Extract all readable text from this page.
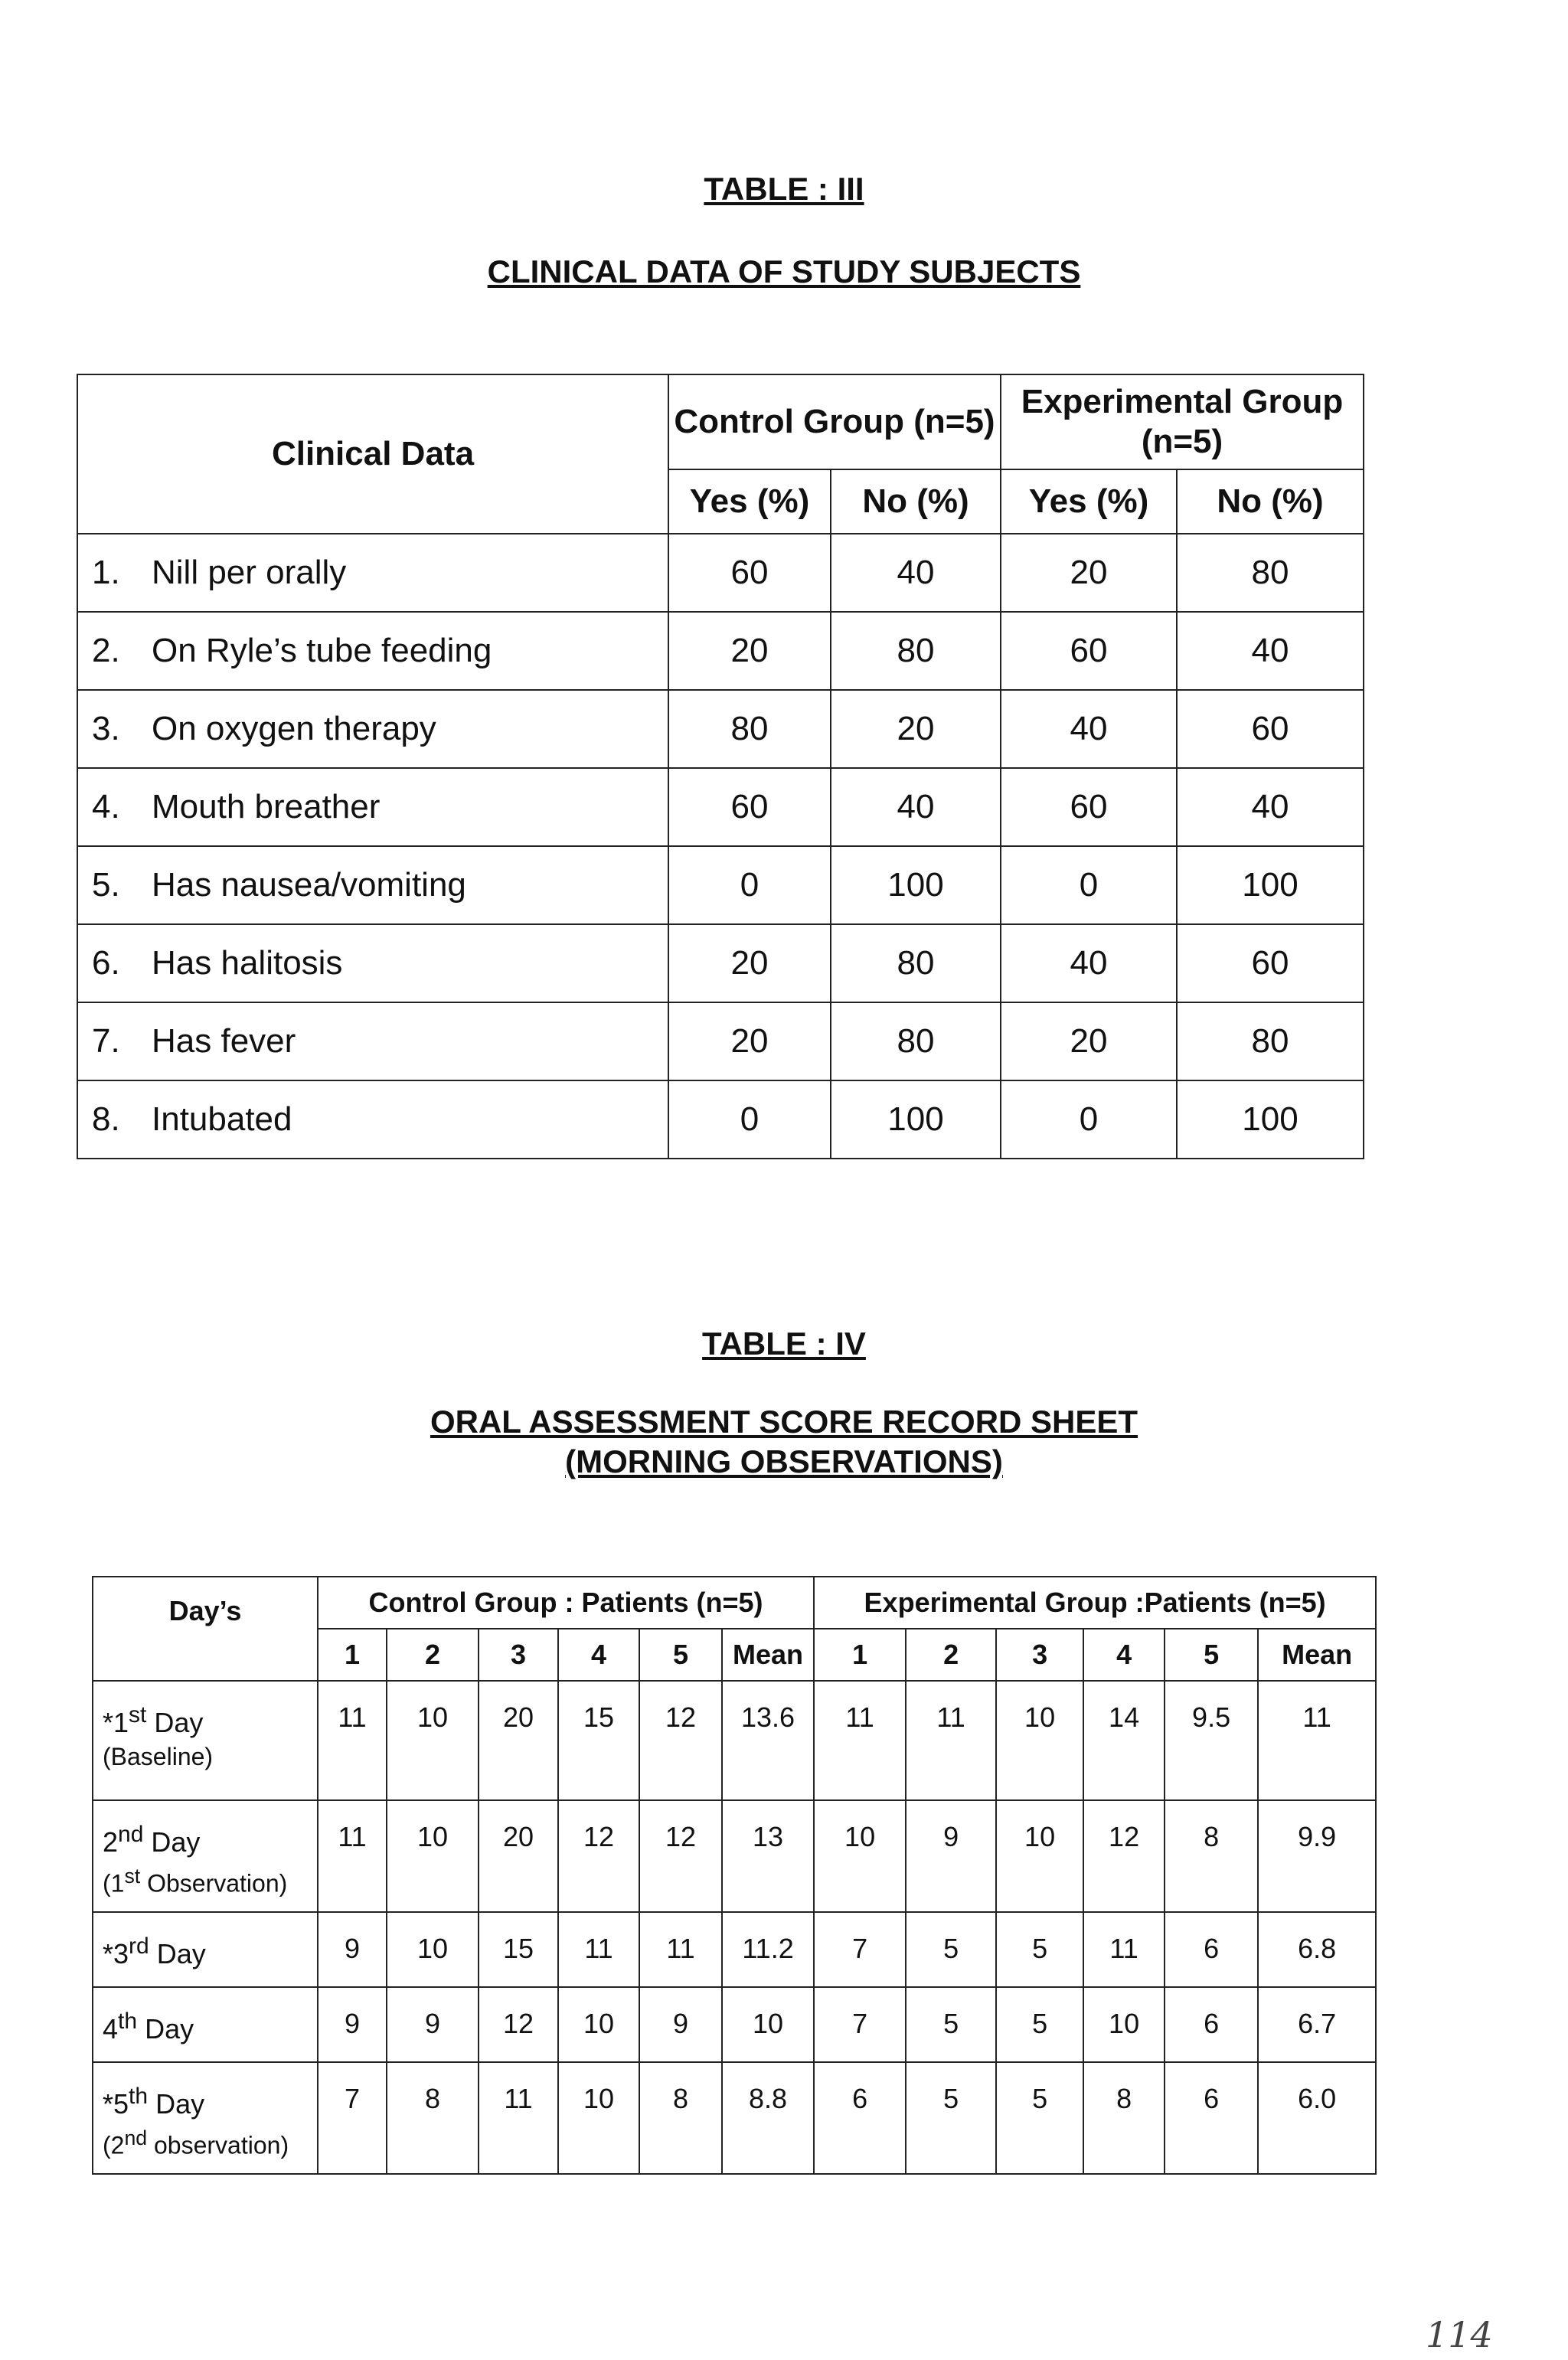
TABLE : III
CLINICAL DATA OF STUDY SUBJECTS
Clinical Data	Control Group (n=5)		Experimental Group (n=5)	
	Yes (%)	No (%)	Yes (%)	No (%)
1. Nill per orally	60	40	20	80
2. On Ryle’s tube feeding	20	80	60	40
3. On oxygen therapy	80	20	40	60
4. Mouth breather	60	40	60	40
5. Has nausea/vomiting	0	100	0	100
6. Has halitosis	20	80	40	60
7. Has fever	20	80	20	80
8. Intubated	0	100	0	100
TABLE : IV
ORAL ASSESSMENT SCORE RECORD SHEET
(MORNING OBSERVATIONS)
Day’s	Control Group : Patients (n=5)						Experimental Group :Patients (n=5)					
	1	2	3	4	5	Mean	1	2	3	4	5	Mean
*1st Day
(Baseline)	11	10	20	15	12	13.6	11	11	10	14	9.5	11
2nd Day
(1st Observation)	11	10	20	12	12	13	10	9	10	12	8	9.9
*3rd Day	9	10	15	11	11	11.2	7	5	5	11	6	6.8
4th Day	9	9	12	10	9	10	7	5	5	10	6	6.7
*5th Day
(2nd observation)	7	8	11	10	8	8.8	6	5	5	8	6	6.0
114
